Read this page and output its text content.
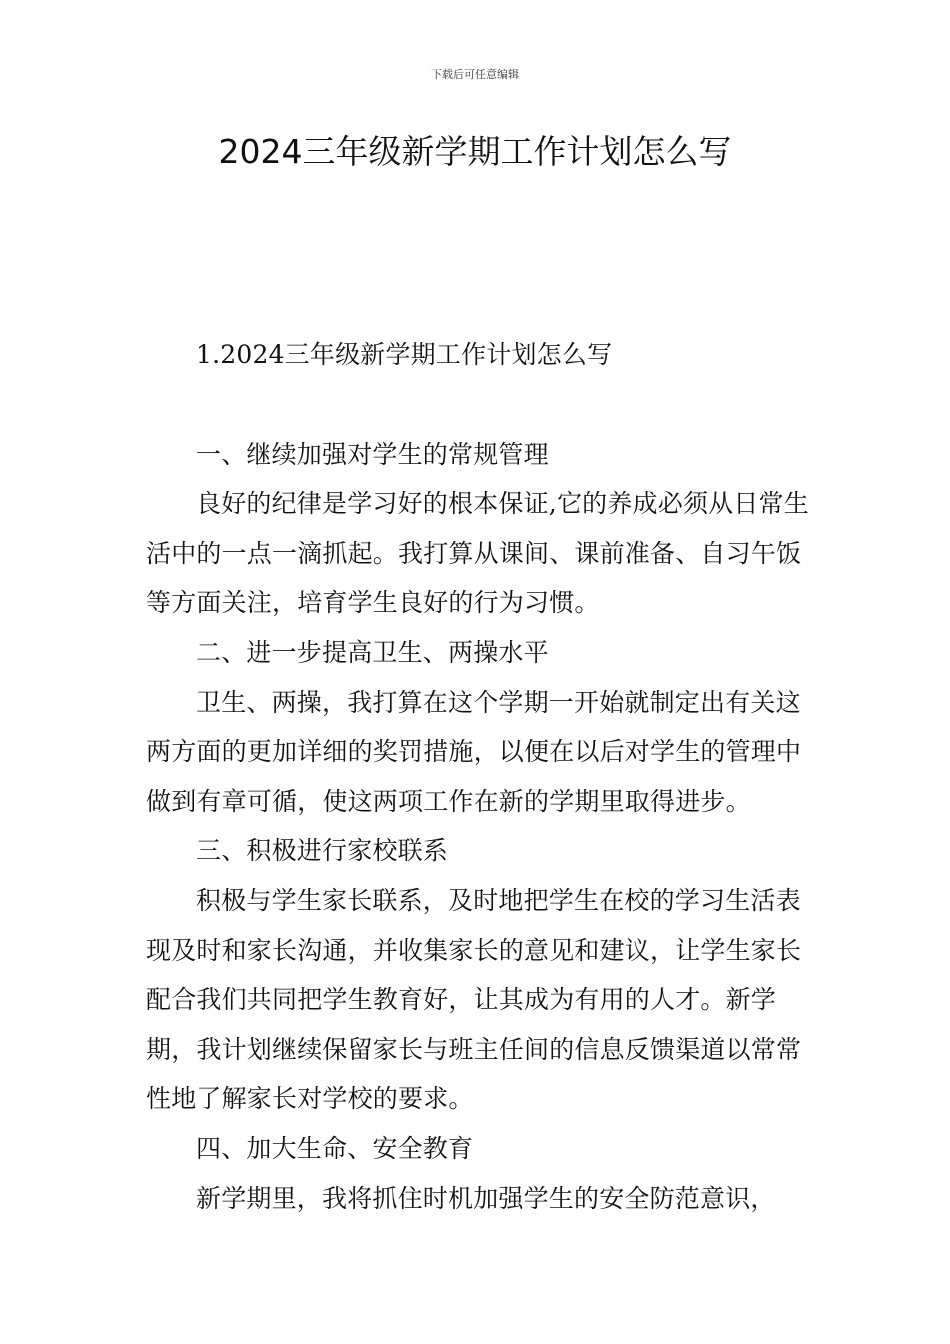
下载后可任意编辑
2024三年级新学期工作计划怎么写

1.2024三年级新学期工作计划怎么写

一、继续加强对学生的常规管理

良好的纪律是学习好的根本保证,它的养成必须从日常生活中的一点一滴抓起。我打算从课间、课前准备、自习午饭等方面关注，培育学生良好的行为习惯。

二、进一步提高卫生、两操水平

卫生、两操，我打算在这个学期一开始就制定出有关这两方面的更加详细的奖罚措施，以便在以后对学生的管理中做到有章可循，使这两项工作在新的学期里取得进步。

三、积极进行家校联系

积极与学生家长联系，及时地把学生在校的学习生活表现及时和家长沟通，并收集家长的意见和建议，让学生家长配合我们共同把学生教育好，让其成为有用的人才。新学期，我计划继续保留家长与班主任间的信息反馈渠道以常常性地了解家长对学校的要求。

四、加大生命、安全教育

新学期里，我将抓住时机加强学生的安全防范意识，
